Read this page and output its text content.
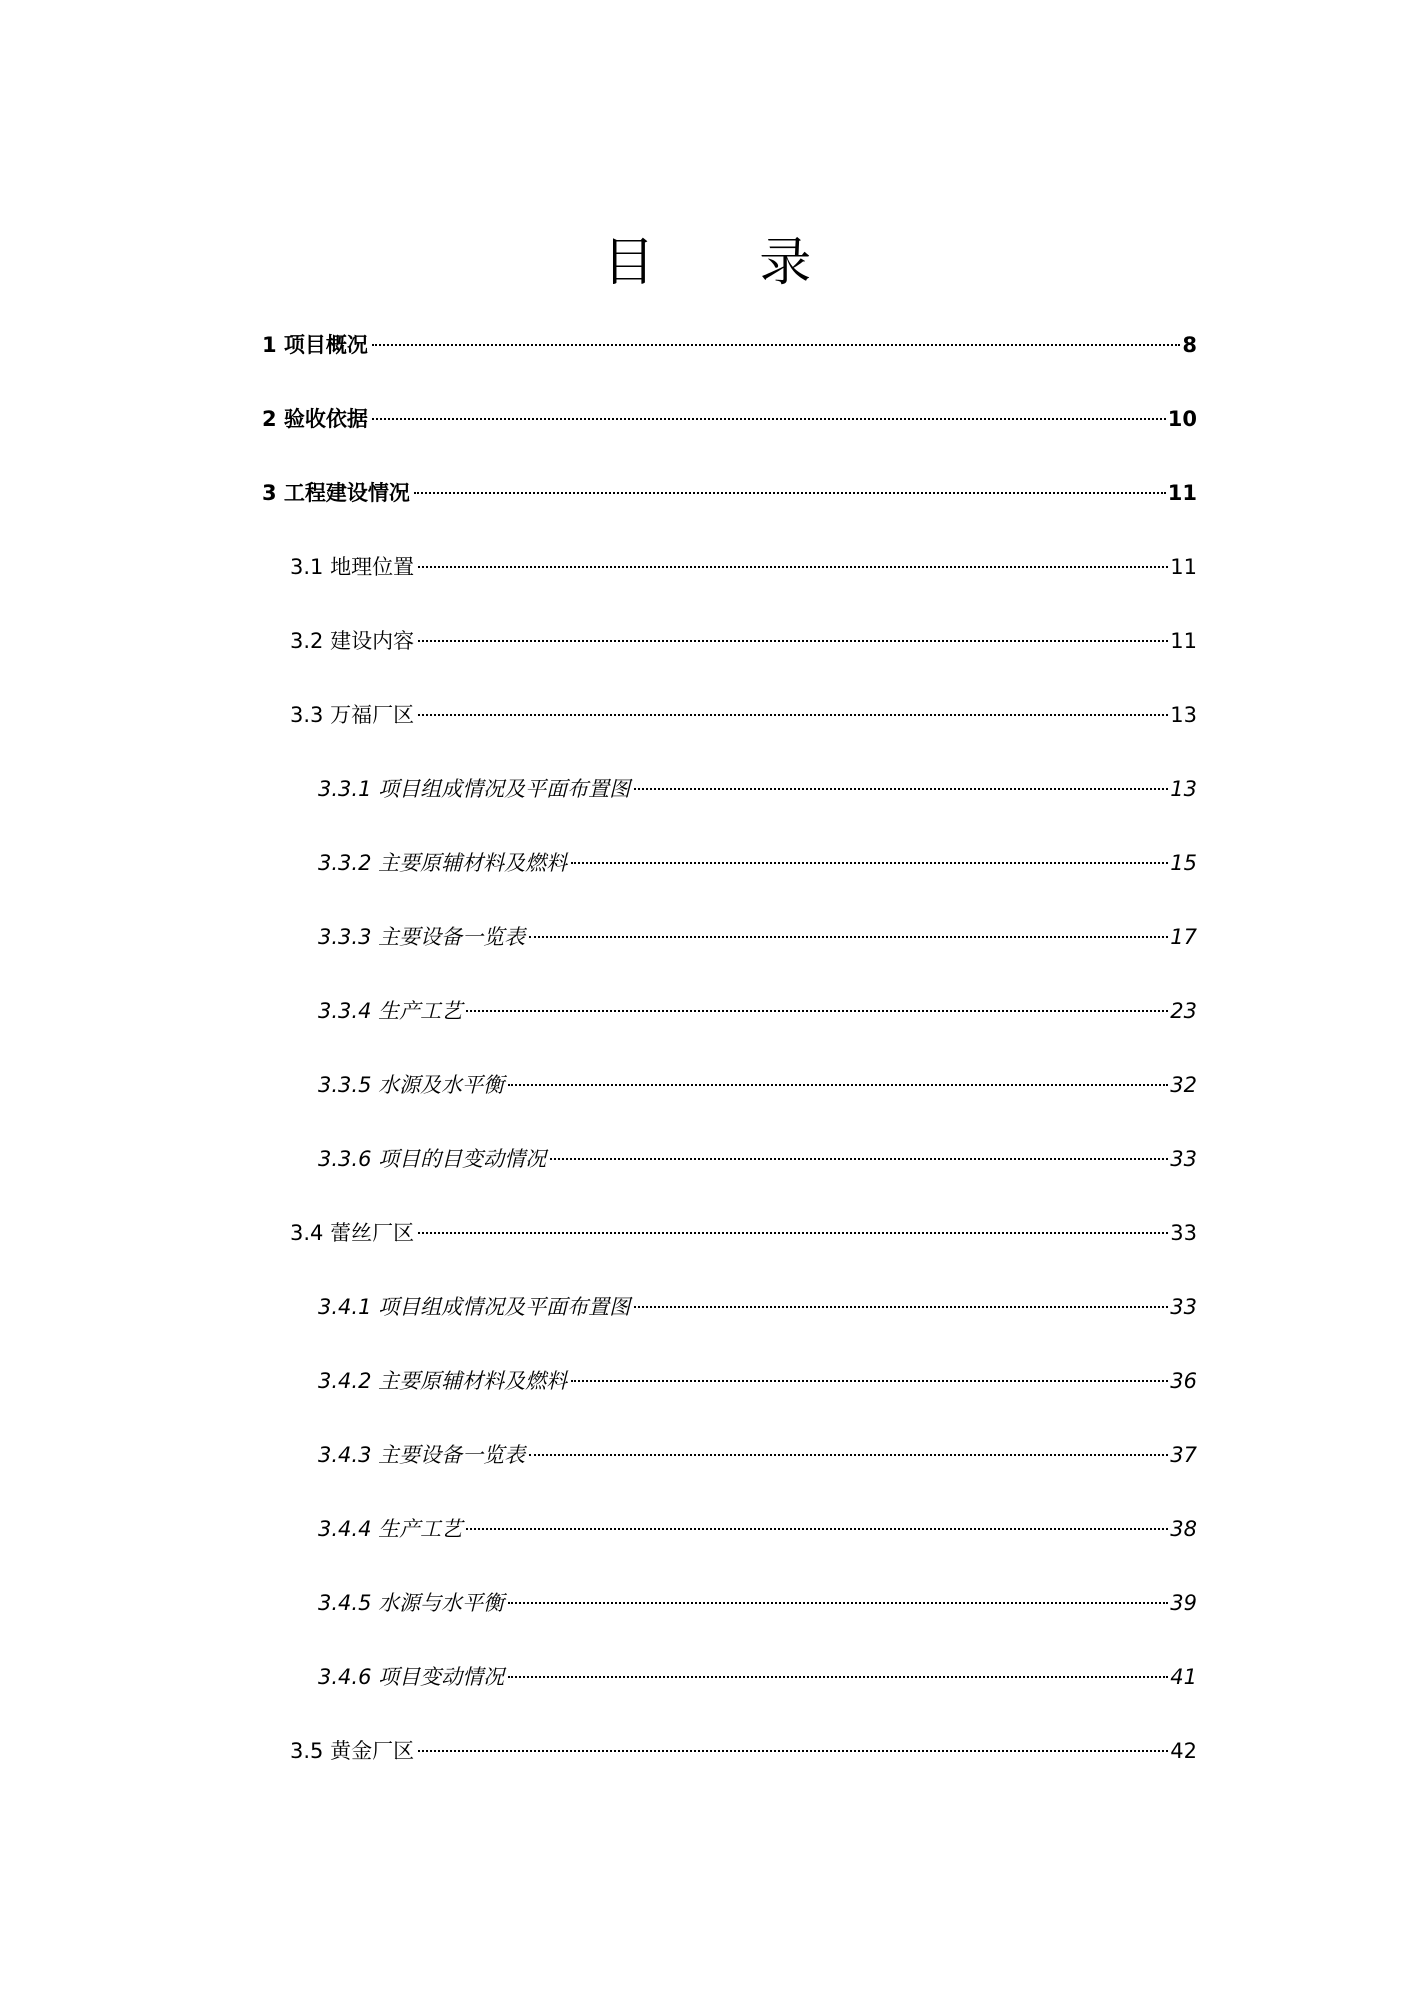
目 录
1 项目概况	8
2 验收依据	10
3 工程建设情况	11
3.1 地理位置	11
3.2 建设内容	11
3.3 万福厂区	13
3.3.1 项目组成情况及平面布置图	13
3.3.2 主要原辅材料及燃料	15
3.3.3 主要设备一览表	17
3.3.4 生产工艺	23
3.3.5 水源及水平衡	32
3.3.6 项目的目变动情况	33
3.4 蕾丝厂区	33
3.4.1 项目组成情况及平面布置图	33
3.4.2 主要原辅材料及燃料	36
3.4.3 主要设备一览表	37
3.4.4 生产工艺	38
3.4.5 水源与水平衡	39
3.4.6 项目变动情况	41
3.5 黄金厂区	42
